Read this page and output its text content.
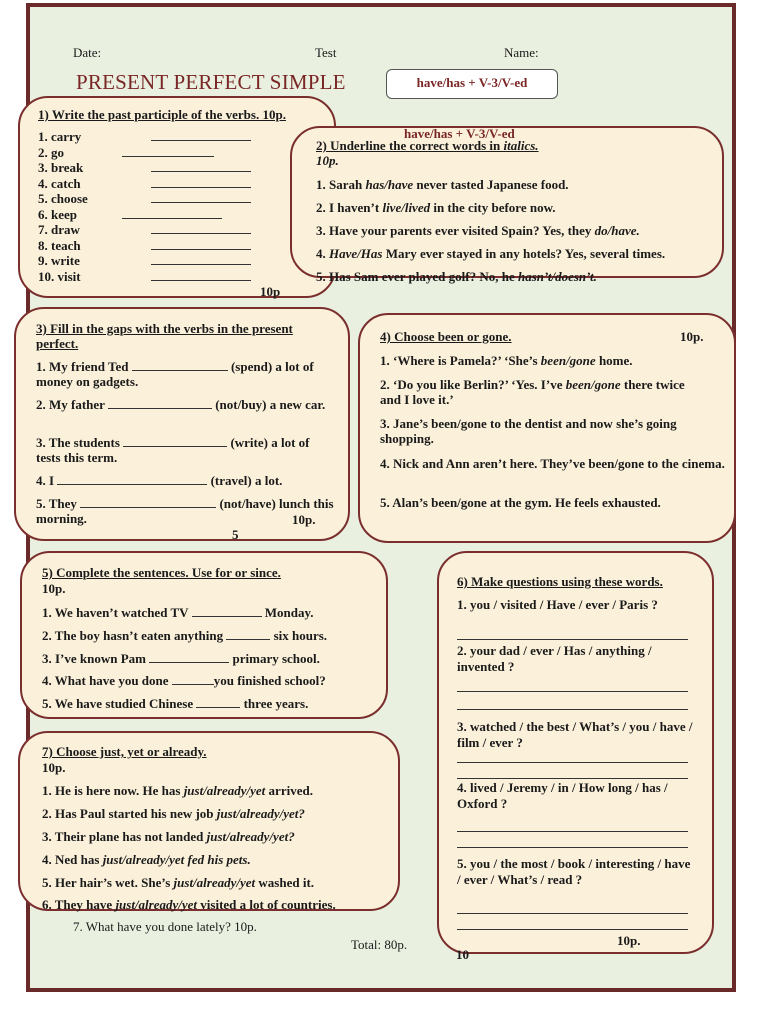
Date:	Test	Name:
PRESENT PERFECT SIMPLE	have/has + V-3/V-ed
1) Write the past participle of the verbs. 10p.
1. carry
2. go
3. break
4. catch
5. choose
6. keep
7. draw
8. teach
9. write
10. visit
10p
have/has + V-3/V-ed
2) Underline the correct words in italics.
10p.
1. Sarah has/have never tasted Japanese food.
2. I haven’t live/lived in the city before now.
3. Have your parents ever visited Spain? Yes, they do/have.
4. Have/Has Mary ever stayed in any hotels? Yes, several times.
5. Has Sam ever played golf? No, he hasn’t/doesn’t.
3) Fill in the gaps with the verbs in the present perfect.
1. My friend Ted	(spend) a lot of money on gadgets.
2. My father	(not/buy) a new car.
3. The students	(write) a lot of tests this term.
4. I	(travel) a lot.
5. They	(not/have) lunch this morning.	10p.
5
4) Choose been or gone.	10p.
1. ‘Where is Pamela?’ ‘She’s been/gone home.
2. ‘Do you like Berlin?’ ‘Yes. I’ve been/gone there twice and I love it.’
3. Jane’s been/gone to the dentist and now she’s going shopping.
4. Nick and Ann aren’t here. They’ve been/gone to the cinema.
5. Alan’s been/gone at the gym. He feels exhausted.
5) Complete the sentences. Use for or since.
10p.
1. We haven’t watched TV	Monday.
2. The boy hasn’t eaten anything	six hours.
3. I’ve known Pam	primary school.
4. What have you done	you finished school?
5. We have studied Chinese	three years.
6) Make questions using these words.
1. you / visited / Have / ever / Paris ?
2. your dad / ever / Has / anything / invented ?
3. watched / the best / What’s / you / have / film / ever ?
4. lived / Jeremy / in / How long / has / Oxford ?
5. you / the most / book / interesting / have / ever / What’s / read ?
10p.
10
7) Choose just, yet or already.
10p.
1. He is here now. He has just/already/yet arrived.
2. Has Paul started his new job just/already/yet?
3. Their plane has not landed just/already/yet?
4. Ned has just/already/yet fed his pets.
5. Her hair’s wet. She’s just/already/yet washed it.
6. They have just/already/yet visited a lot of countries.
7. What have you done lately? 10p.
Total: 80p.
